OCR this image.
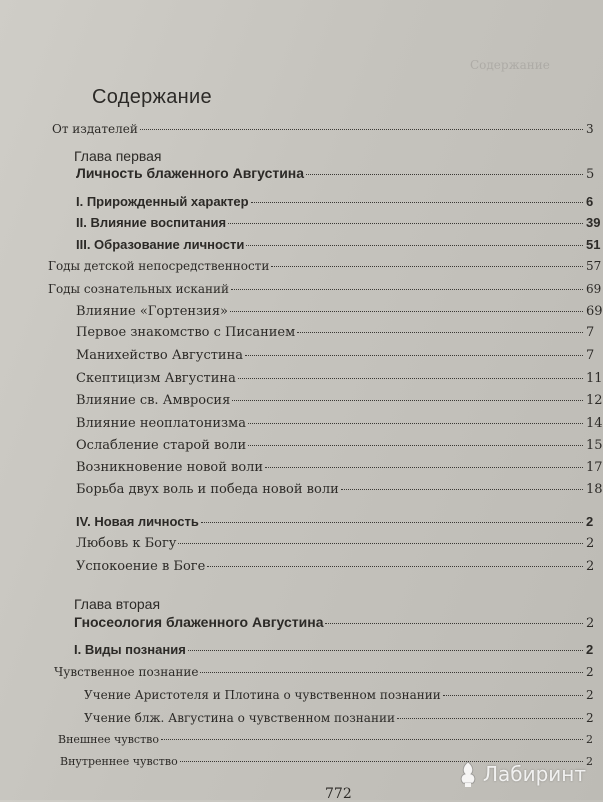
Содержание
Содержание
От издателей	3
Глава первая
Личность блаженного Августина	5
I. Прирожденный характер	6
II. Влияние воспитания	39
III. Образование личности	51
Годы детской непосредственности	57
Годы сознательных исканий	69
Влияние «Гортензия»	69
Первое знакомство с Писанием	7
Манихейство Августина	7
Скептицизм Августина	11
Влияние св. Амвросия	12
Влияние неоплатонизма	14
Ослабление старой воли	15
Возникновение новой воли	17
Борьба двух воль и победа новой воли	18
IV. Новая личность	2
Любовь к Богу	2
Успокоение в Боге	2
Глава вторая
Гносеология блаженного Августина	2
I. Виды познания	2
Чувственное познание	2
Учение Аристотеля и Плотина о чувственном познании	2
Учение блж. Августина о чувственном познании	2
Внешнее чувство	2
Внутреннее чувство	2
772
Лабиринт
